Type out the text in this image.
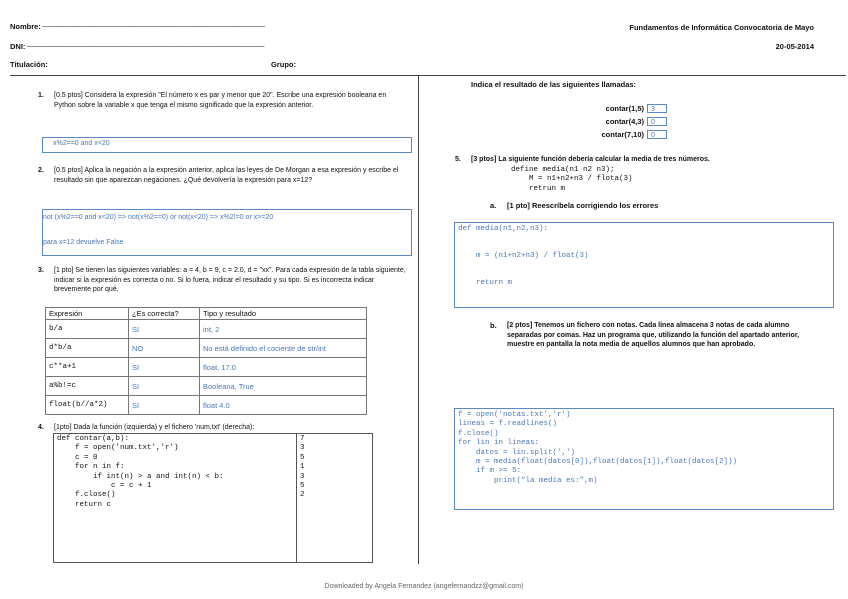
Nombre: ______________________________________________________________
DNI: __________________________________________________________________
Titulación:	Grupo:
Fundamentos de Informática Convocatoria de Mayo
20-05-2014
1. [0.5 ptos] Considera la expresión "El número x es par y menor que 20". Escribe una expresión booleana en Python sobre la variable x que tenga el mismo significado que la expresión anterior.
x%2==0 and x<20
2. [0.5 ptos] Aplica la negación a la expresión anterior, aplica las leyes de De Morgan a esa expresión y escribe el resultado sin que aparezcan negaciones. ¿Qué devolvería la expresión para x=12?
not (x%2==0 and x<20) => not(x%2==0) or not(x<20) => x%2!=0 or x>=20
para x=12 devuelve False
3. [1 pto] Se tienen las siguientes variables: a = 4, b = 9, c = 2.0, d = "xx". Para cada expresión de la tabla siguiente, indicar si la expresión es correcta o no. Si lo fuera, indicar el resultado y su tipo. Si es incorrecta indicar brevemente por qué.
Expresión	¿Es correcta?	Tipo y resultado
b/a	SI	int, 2
d*b/a	NO	No está definido el cociente de str/int
c**a+1	SI	float, 17.0
a%b!=c	SI	Booleana, True
float(b//a*2)	SI	float 4.0
4. [1pto] Dada la función (izquierda) y el fichero 'num.txt' (derecha):
def contar(a,b):
f = open('num.txt','r')
c = 0
for n in f:
if int(n) > a and int(n) < b:
c = c + 1
f.close()
return c

7
3
5
1
3
5
2
Indica el resultado de las siguientes llamadas:
contar(1,5)	3
contar(4,3)	0
contar(7,10)	0
5. [3 ptos] La siguiente función debería calcular la media de tres números.
define media(n1 n2 n3);
M = n1+n2+n3 / flota(3)
retrun m
a. [1 pto] Reescríbela corrigiendo los errores
def media(n1,n2,n3):
m = (n1+n2+n3) / float(3)
return m
b. [2 ptos] Tenemos un fichero con notas. Cada línea almacena 3 notas de cada alumno separadas por comas. Haz un programa que, utilizando la función del apartado anterior, muestre en pantalla la nota media de aquellos alumnos que han aprobado.
f = open('notas.txt','r')
lineas = f.readlines()
f.close()
for lin in lineas:
datos = lin.split(',')
m = media(float(datos[0]),float(datos[1]),float(datos[2]))
if m >= 5:
print(“la media es:”,m)
Downloaded by Angela Fernandez (angefernandzz@gmail.com)
